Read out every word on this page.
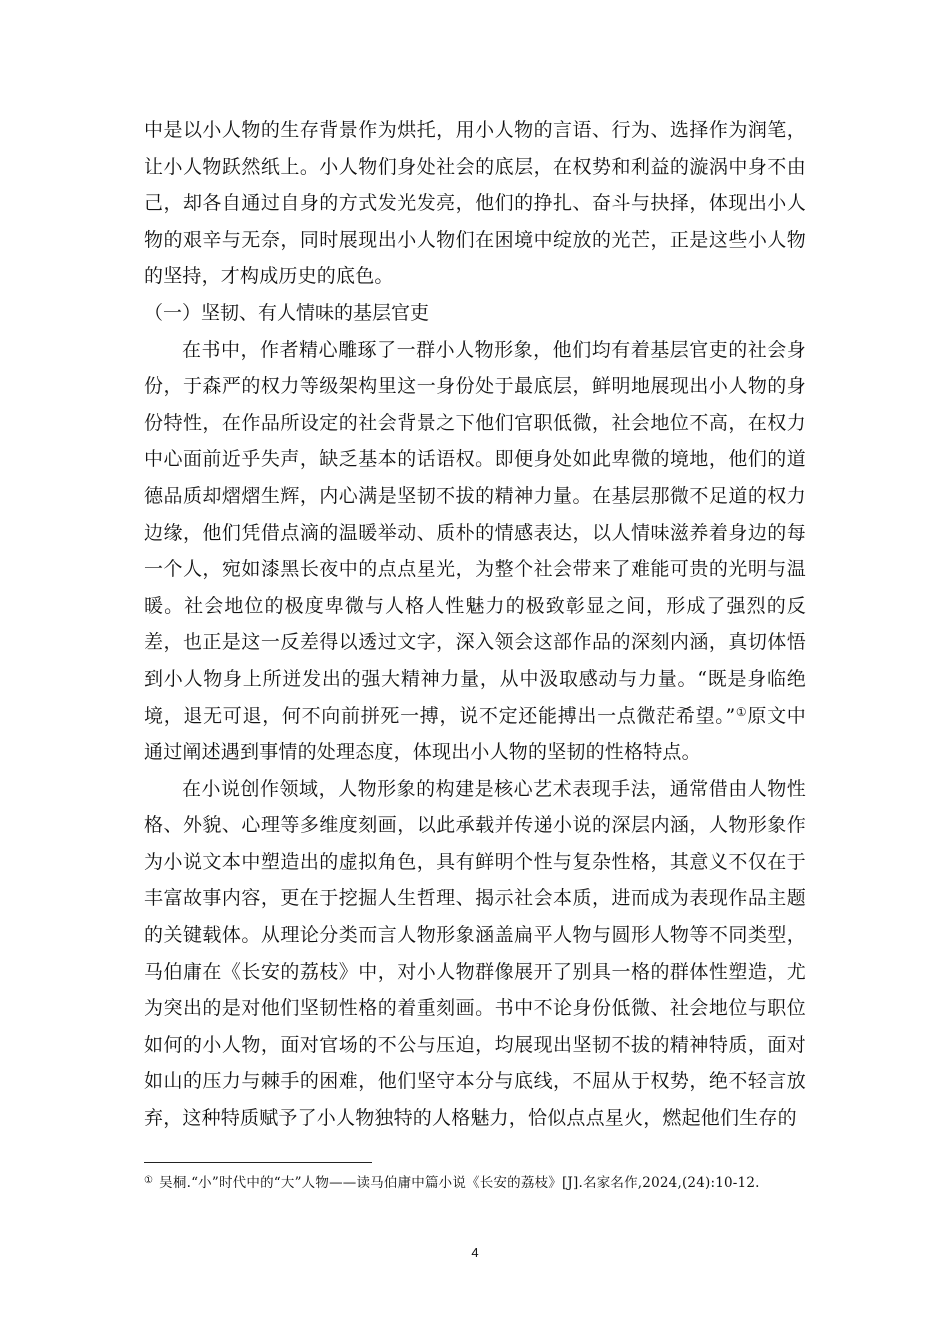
中是以小人物的生存背景作为烘托，用小人物的言语、行为、选择作为润笔，让小人物跃然纸上。小人物们身处社会的底层，在权势和利益的漩涡中身不由己，却各自通过自身的方式发光发亮，他们的挣扎、奋斗与抉择，体现出小人物的艰辛与无奈，同时展现出小人物们在困境中绽放的光芒，正是这些小人物的坚持，才构成历史的底色。

（一）坚韧、有人情味的基层官吏

在书中，作者精心雕琢了一群小人物形象，他们均有着基层官吏的社会身份，于森严的权力等级架构里这一身份处于最底层，鲜明地展现出小人物的身份特性，在作品所设定的社会背景之下他们官职低微，社会地位不高，在权力中心面前近乎失声，缺乏基本的话语权。即便身处如此卑微的境地，他们的道德品质却熠熠生辉，内心满是坚韧不拔的精神力量。在基层那微不足道的权力边缘，他们凭借点滴的温暖举动、质朴的情感表达，以人情味滋养着身边的每一个人，宛如漆黑长夜中的点点星光，为整个社会带来了难能可贵的光明与温暖。社会地位的极度卑微与人格人性魅力的极致彰显之间，形成了强烈的反差，也正是这一反差得以透过文字，深入领会这部作品的深刻内涵，真切体悟到小人物身上所迸发出的强大精神力量，从中汲取感动与力量。“既是身临绝境，退无可退，何不向前拼死一搏，说不定还能搏出一点微茫希望。”①原文中通过阐述遇到事情的处理态度，体现出小人物的坚韧的性格特点。

在小说创作领域，人物形象的构建是核心艺术表现手法，通常借由人物性格、外貌、心理等多维度刻画，以此承载并传递小说的深层内涵，人物形象作为小说文本中塑造出的虚拟角色，具有鲜明个性与复杂性格，其意义不仅在于丰富故事内容，更在于挖掘人生哲理、揭示社会本质，进而成为表现作品主题的关键载体。从理论分类而言人物形象涵盖扁平人物与圆形人物等不同类型，马伯庸在《长安的荔枝》中，对小人物群像展开了别具一格的群体性塑造，尤为突出的是对他们坚韧性格的着重刻画。书中不论身份低微、社会地位与职位如何的小人物，面对官场的不公与压迫，均展现出坚韧不拔的精神特质，面对如山的压力与棘手的困难，他们坚守本分与底线，不屈从于权势，绝不轻言放弃，这种特质赋予了小人物独特的人格魅力，恰似点点星火，燃起他们生存的

① 吴桐.“小”时代中的“大”人物——读马伯庸中篇小说《长安的荔枝》[J].名家名作,2024,(24):10-12.

4
